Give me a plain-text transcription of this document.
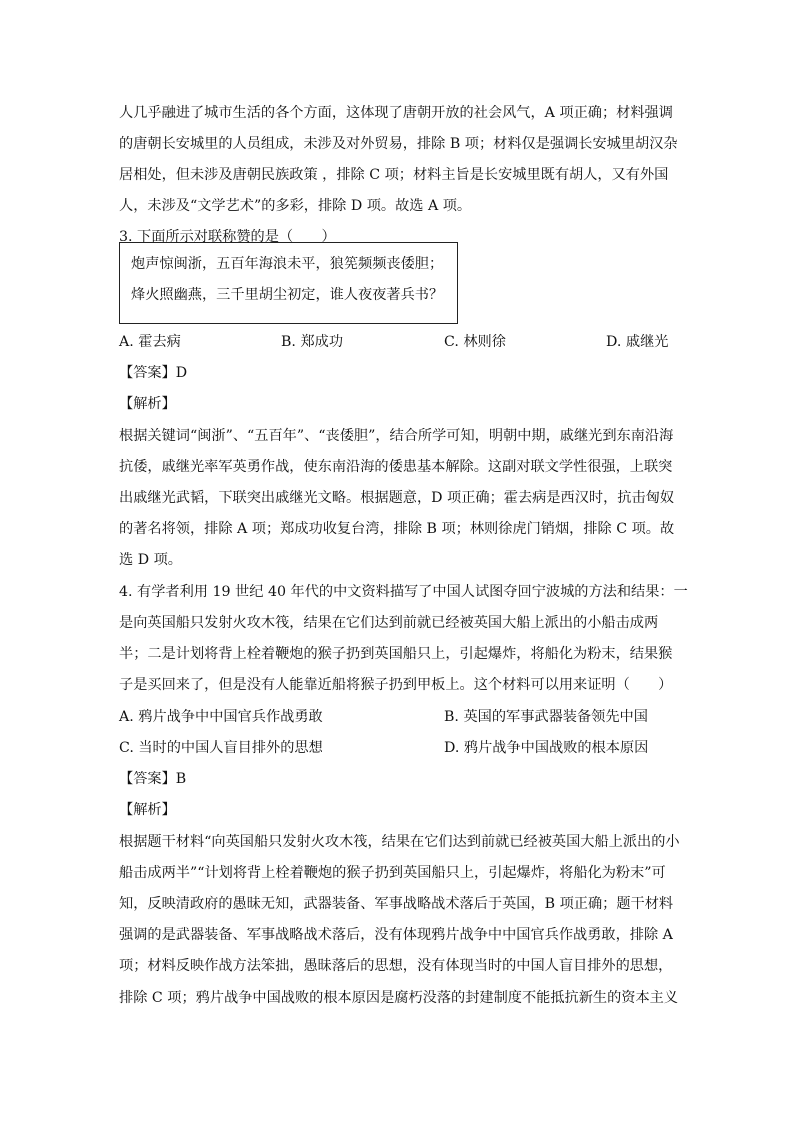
人几乎融进了城市生活的各个方面，这体现了唐朝开放的社会风气，A 项正确；材料强调
的唐朝长安城里的人员组成，未涉及对外贸易，排除 B 项；材料仅是强调长安城里胡汉杂
居相处，但未涉及唐朝民族政策 ，排除 C 项；材料主旨是长安城里既有胡人，又有外国
人，未涉及“文学艺术”的多彩，排除 D 项。故选 A 项。
3. 下面所示对联称赞的是（　　）
炮声惊闽浙，五百年海浪未平，狼筅频频丧倭胆；
烽火照幽燕，三千里胡尘初定，谁人夜夜著兵书？
A. 霍去病	B. 郑成功	C. 林则徐	D. 戚继光
【答案】D
【解析】
根据关键词“闽浙”、“五百年”、“丧倭胆”，结合所学可知，明朝中期，戚继光到东南沿海
抗倭，戚继光率军英勇作战，使东南沿海的倭患基本解除。这副对联文学性很强，上联突
出戚继光武韬，下联突出戚继光文略。根据题意，D 项正确；霍去病是西汉时，抗击匈奴
的著名将领，排除 A 项；郑成功收复台湾，排除 B 项；林则徐虎门销烟，排除 C 项。故
选 D 项。
4. 有学者利用 19 世纪 40 年代的中文资料描写了中国人试图夺回宁波城的方法和结果：一
是向英国船只发射火攻木筏，结果在它们达到前就已经被英国大船上派出的小船击成两
半；二是计划将背上栓着鞭炮的猴子扔到英国船只上，引起爆炸，将船化为粉末，结果猴
子是买回来了，但是没有人能靠近船将猴子扔到甲板上。这个材料可以用来证明（　　）
A. 鸦片战争中中国官兵作战勇敢	B. 英国的军事武器装备领先中国
C. 当时的中国人盲目排外的思想	D. 鸦片战争中国战败的根本原因
【答案】B
【解析】
根据题干材料“向英国船只发射火攻木筏，结果在它们达到前就已经被英国大船上派出的小
船击成两半”“计划将背上栓着鞭炮的猴子扔到英国船只上，引起爆炸，将船化为粉末”可
知，反映清政府的愚昧无知，武器装备、军事战略战术落后于英国，B 项正确；题干材料
强调的是武器装备、军事战略战术落后，没有体现鸦片战争中中国官兵作战勇敢，排除 A
项；材料反映作战方法笨拙，愚昧落后的思想，没有体现当时的中国人盲目排外的思想，
排除 C 项；鸦片战争中国战败的根本原因是腐朽没落的封建制度不能抵抗新生的资本主义
